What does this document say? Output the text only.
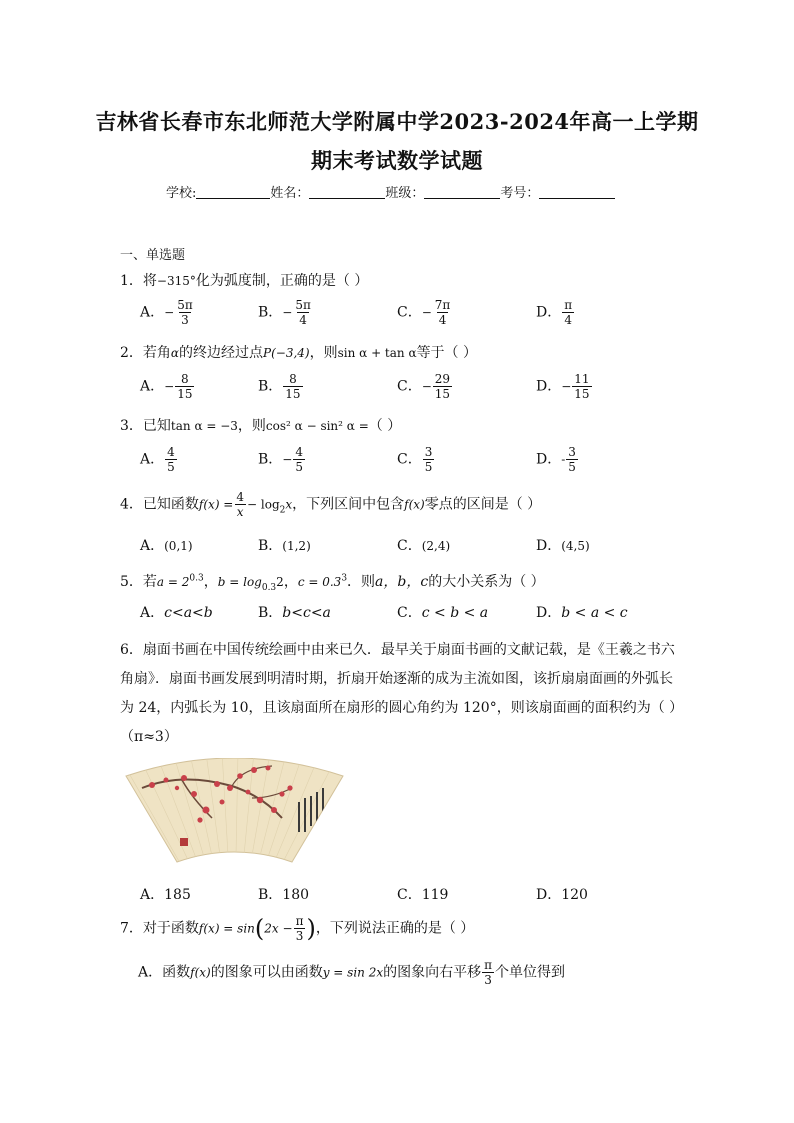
吉林省长春市东北师范大学附属中学2023-2024年高一上学期
期末考试数学试题
学校:	姓名：	班级：	考号：
一、单选题
1．将−315°化为弧度制，正确的是（ ）
A．− $\frac{5\pi}{3}$	B．− $\frac{5\pi}{4}$	C．− $\frac{7\pi}{4}$	D． $\frac{\pi}{4}$
2．若角α的终边经过点P(−3,4)，则sin α + tan α等于（ ）
A．− $\frac{8}{15}$	B． $\frac{8}{15}$	C．− $\frac{29}{15}$	D．− $\frac{11}{15}$
3．已知tan α = −3，则cos² α − sin² α =（ ）
A． $\frac{4}{5}$	B．− $\frac{4}{5}$	C． $\frac{3}{5}$	D．- $\frac{3}{5}$
4．已知函数$f(x) = \frac{4}{x} - \log_2x$，下列区间中包含f(x)零点的区间是（ ）
A．(0,1)	B．(1,2)	C．(2,4)	D．(4,5)
5．若$a = 2^{0.3}$，$b = \log_{0.3}2$，$c = 0.3^3$．则a，b，c的大小关系为（ ）
A．c<a<b	B．b<c<a	C．c < b < a	D．b < a < c
6．扇面书画在中国传统绘画中由来已久．最早关于扇面书画的文献记载，是《王羲之书六
角扇》．扇面书画发展到明清时期，折扇开始逐渐的成为主流如图，该折扇扇面画的外弧长
为 24，内弧长为 10，且该扇面所在扇形的圆心角约为 120°，则该扇面画的面积约为（ ）
（π≈3）
A．185	B．180	C．119	D．120
7．对于函数$f(x) = \sin(2x - \frac{\pi}{3}$ )，下列说法正确的是（ ）
A．函数f(x)的图象可以由函数y = sin 2x的图象向右平移 $\frac{\pi}{3}$ 个单位得到
